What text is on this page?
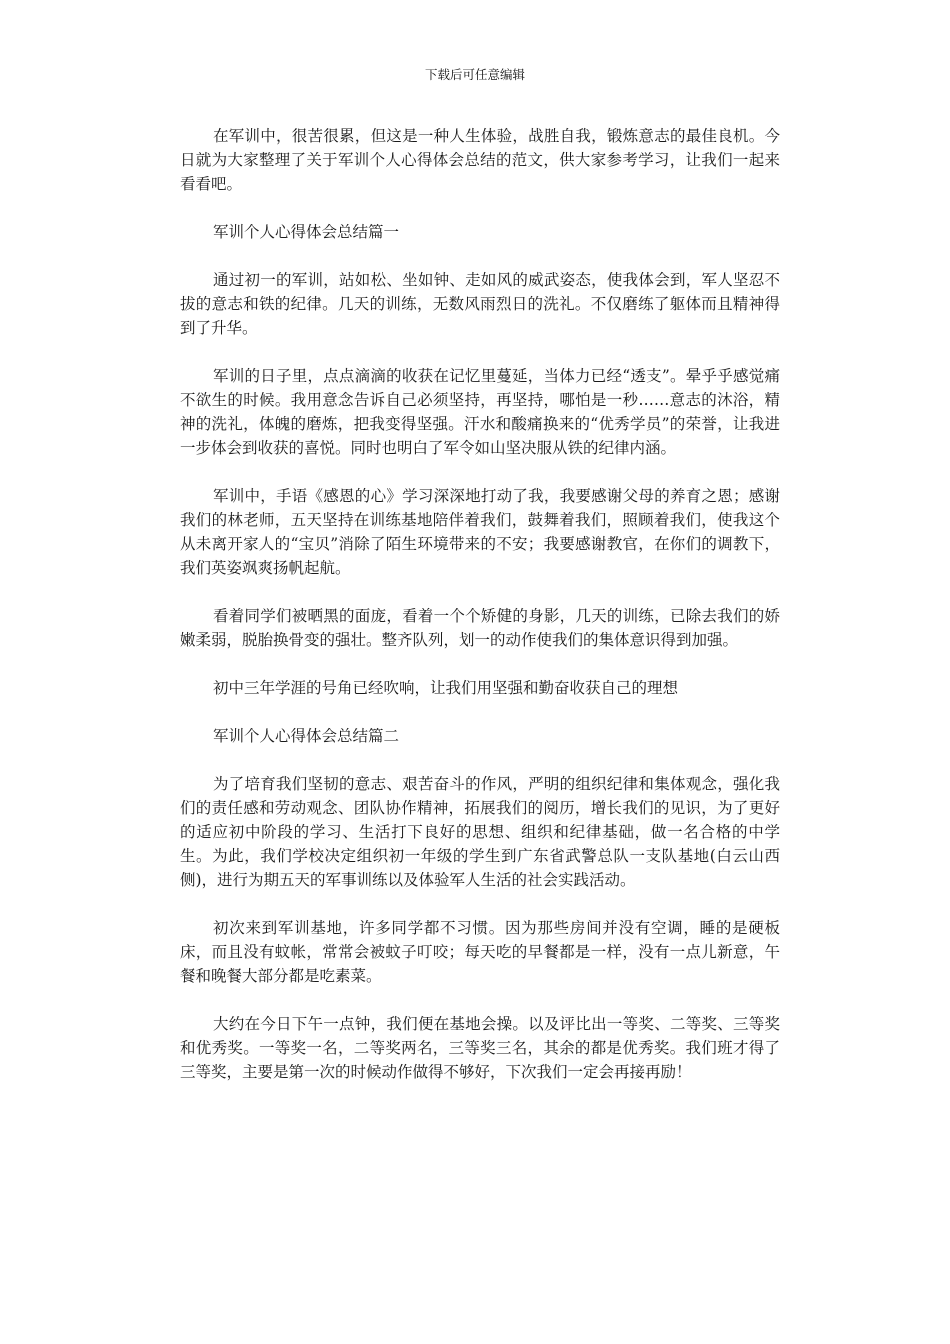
下载后可任意编辑

在军训中，很苦很累，但这是一种人生体验，战胜自我，锻炼意志的最佳良机。今日就为大家整理了关于军训个人心得体会总结的范文，供大家参考学习，让我们一起来看看吧。

军训个人心得体会总结篇一

通过初一的军训，站如松、坐如钟、走如风的威武姿态，使我体会到，军人坚忍不拔的意志和铁的纪律。几天的训练，无数风雨烈日的洗礼。不仅磨练了躯体而且精神得到了升华。

军训的日子里，点点滴滴的收获在记忆里蔓延，当体力已经“透支”。晕乎乎感觉痛不欲生的时候。我用意念告诉自己必须坚持，再坚持，哪怕是一秒……意志的沐浴，精神的洗礼，体魄的磨炼，把我变得坚强。汗水和酸痛换来的“优秀学员”的荣誉，让我进一步体会到收获的喜悦。同时也明白了军令如山坚决服从铁的纪律内涵。

军训中，手语《感恩的心》学习深深地打动了我，我要感谢父母的养育之恩；感谢我们的林老师，五天坚持在训练基地陪伴着我们，鼓舞着我们，照顾着我们，使我这个从未离开家人的“宝贝”消除了陌生环境带来的不安；我要感谢教官，在你们的调教下，我们英姿飒爽扬帆起航。

看着同学们被晒黑的面庞，看着一个个矫健的身影，几天的训练，已除去我们的娇嫩柔弱，脱胎换骨变的强壮。整齐队列，划一的动作使我们的集体意识得到加强。

初中三年学涯的号角已经吹响，让我们用坚强和勤奋收获自己的理想

军训个人心得体会总结篇二

为了培育我们坚韧的意志、艰苦奋斗的作风，严明的组织纪律和集体观念，强化我们的责任感和劳动观念、团队协作精神，拓展我们的阅历，增长我们的见识，为了更好的适应初中阶段的学习、生活打下良好的思想、组织和纪律基础，做一名合格的中学生。为此，我们学校决定组织初一年级的学生到广东省武警总队一支队基地(白云山西侧)，进行为期五天的军事训练以及体验军人生活的社会实践活动。

初次来到军训基地，许多同学都不习惯。因为那些房间并没有空调，睡的是硬板床，而且没有蚊帐，常常会被蚊子叮咬；每天吃的早餐都是一样，没有一点儿新意，午餐和晚餐大部分都是吃素菜。

大约在今日下午一点钟，我们便在基地会操。以及评比出一等奖、二等奖、三等奖和优秀奖。一等奖一名，二等奖两名，三等奖三名，其余的都是优秀奖。我们班才得了三等奖，主要是第一次的时候动作做得不够好，下次我们一定会再接再励！
